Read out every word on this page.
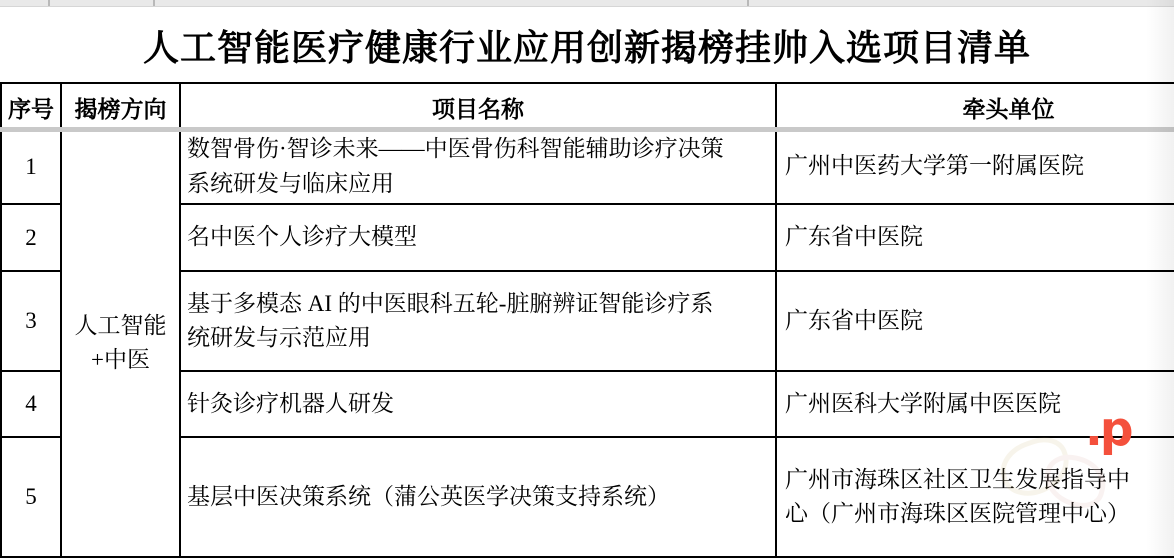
人工智能医疗健康行业应用创新揭榜挂帅入选项目清单
序号	揭榜方向	项目名称	牵头单位
1	人工智能+中医	数智骨伤·智诊未来——中医骨伤科智能辅助诊疗决策系统研发与临床应用	广州中医药大学第一附属医院

2		名中医个人诊疗大模型	广东省中医院

3		基于多模态 AI 的中医眼科五轮-脏腑辨证智能诊疗系统研发与示范应用	广东省中医院

4		针灸诊疗机器人研发	广州医科大学附属中医医院

5		基层中医决策系统（蒲公英医学决策支持系统）	广州市海珠区社区卫生发展指导中心（广州市海珠区医院管理中心）
.p
